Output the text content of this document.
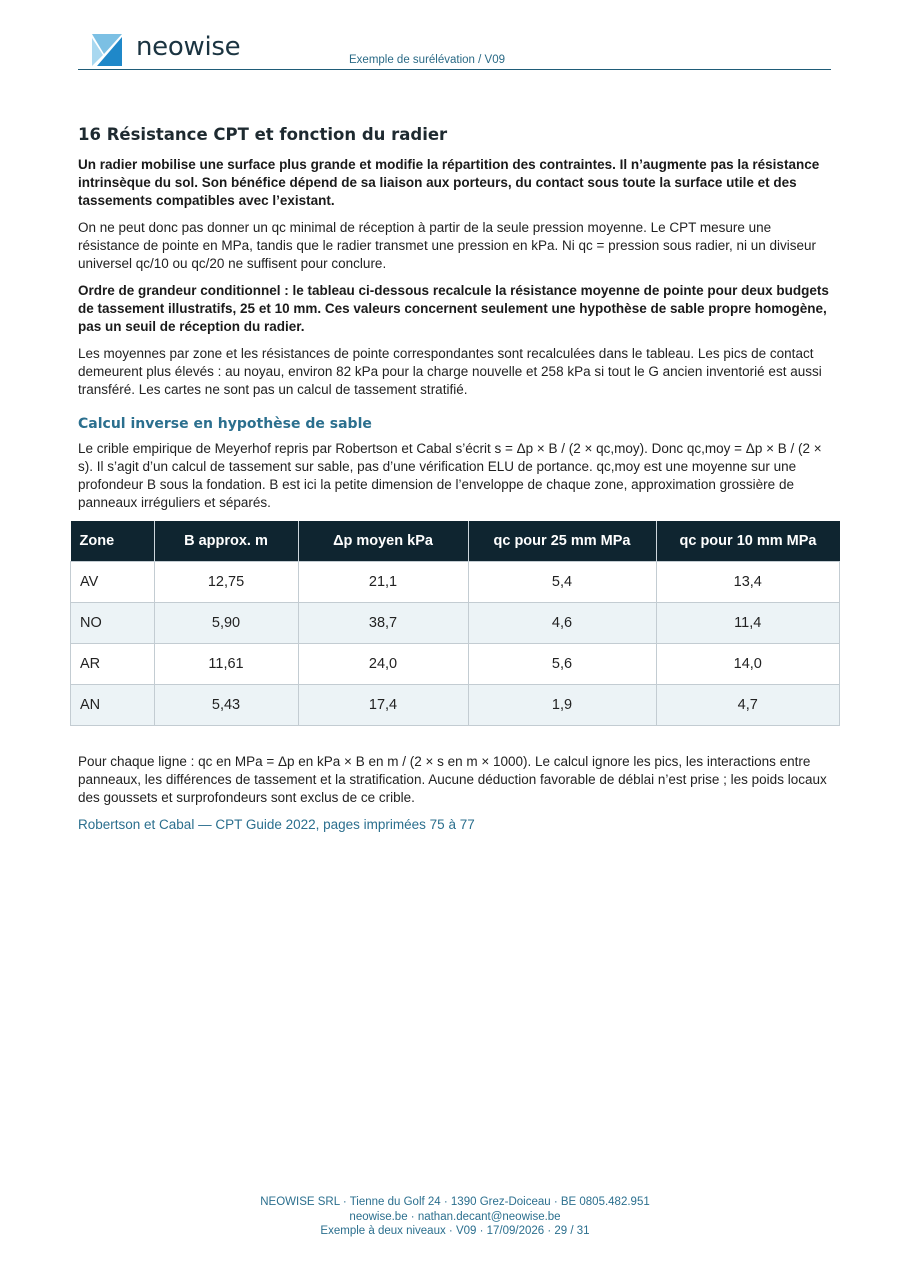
neowise	Exemple de surélévation / V09
16 Résistance CPT et fonction du radier

Un radier mobilise une surface plus grande et modifie la répartition des contraintes. Il n’augmente pas la résistance intrinsèque du sol. Son bénéfice dépend de sa liaison aux porteurs, du contact sous toute la surface utile et des tassements compatibles avec l’existant.

On ne peut donc pas donner un qc minimal de réception à partir de la seule pression moyenne. Le CPT mesure une résistance de pointe en MPa, tandis que le radier transmet une pression en kPa. Ni qc = pression sous radier, ni un diviseur universel qc/10 ou qc/20 ne suffisent pour conclure.

Ordre de grandeur conditionnel : le tableau ci-dessous recalcule la résistance moyenne de pointe pour deux budgets de tassement illustratifs, 25 et 10 mm. Ces valeurs concernent seulement une hypothèse de sable propre homogène, pas un seuil de réception du radier.

Les moyennes par zone et les résistances de pointe correspondantes sont recalculées dans le tableau. Les pics de contact demeurent plus élevés : au noyau, environ 82 kPa pour la charge nouvelle et 258 kPa si tout le G ancien inventorié est aussi transféré. Les cartes ne sont pas un calcul de tassement stratifié.

Calcul inverse en hypothèse de sable

Le crible empirique de Meyerhof repris par Robertson et Cabal s’écrit s = Δp × B / (2 × qc,moy). Donc qc,moy = Δp × B / (2 × s). Il s’agit d’un calcul de tassement sur sable, pas d’une vérification ELU de portance. qc,moy est une moyenne sur une profondeur B sous la fondation. B est ici la petite dimension de l’enveloppe de chaque zone, approximation grossière de panneaux irréguliers et séparés.

Zone	B approx. m	Δp moyen kPa	qc pour 25 mm MPa	qc pour 10 mm MPa
AV	12,75	21,1	5,4	13,4
NO	5,90	38,7	4,6	11,4
AR	11,61	24,0	5,6	14,0
AN	5,43	17,4	1,9	4,7

Pour chaque ligne : qc en MPa = Δp en kPa × B en m / (2 × s en m × 1000). Le calcul ignore les pics, les interactions entre panneaux, les différences de tassement et la stratification. Aucune déduction favorable de déblai n’est prise ; les poids locaux des goussets et surprofondeurs sont exclus de ce crible.

Robertson et Cabal — CPT Guide 2022, pages imprimées 75 à 77

NEOWISE SRL · Tienne du Golf 24 · 1390 Grez-Doiceau · BE 0805.482.951
neowise.be · nathan.decant@neowise.be
Exemple à deux niveaux · V09 · 17/09/2026 · 29 / 31
